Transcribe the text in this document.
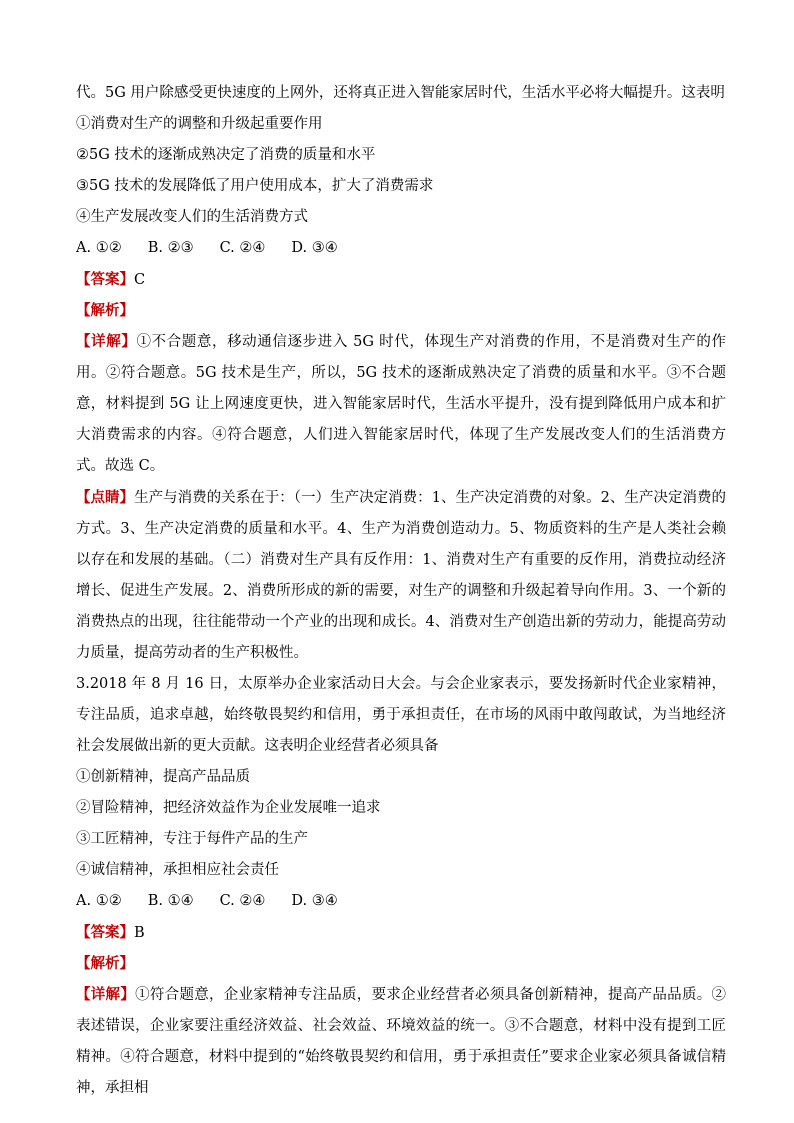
代。5G 用户除感受更快速度的上网外，还将真正进入智能家居时代，生活水平必将大幅提升。这表明
①消费对生产的调整和升级起重要作用
②5G 技术的逐渐成熟决定了消费的质量和水平
③5G 技术的发展降低了用户使用成本，扩大了消费需求
④生产发展改变人们的生活消费方式
A. ①② B. ②③ C. ②④ D. ③④
【答案】C
【解析】
【详解】①不合题意，移动通信逐步进入 5G 时代，体现生产对消费的作用，不是消费对生产的作用。②符合题意。5G 技术是生产，所以，5G 技术的逐渐成熟决定了消费的质量和水平。③不合题意，材料提到 5G 让上网速度更快，进入智能家居时代，生活水平提升，没有提到降低用户成本和扩大消费需求的内容。④符合题意，人们进入智能家居时代，体现了生产发展改变人们的生活消费方式。故选 C。
【点睛】生产与消费的关系在于：（一）生产决定消费：1、生产决定消费的对象。2、生产决定消费的方式。3、生产决定消费的质量和水平。4、生产为消费创造动力。5、物质资料的生产是人类社会赖以存在和发展的基础。（二）消费对生产具有反作用：1、消费对生产有重要的反作用，消费拉动经济增长、促进生产发展。2、消费所形成的新的需要，对生产的调整和升级起着导向作用。3、一个新的消费热点的出现，往往能带动一个产业的出现和成长。4、消费对生产创造出新的劳动力，能提高劳动力质量，提高劳动者的生产积极性。
3.2018 年 8 月 16 日，太原举办企业家活动日大会。与会企业家表示，要发扬新时代企业家精神，专注品质，追求卓越，始终敬畏契约和信用，勇于承担责任，在市场的风雨中敢闯敢试，为当地经济社会发展做出新的更大贡献。这表明企业经营者必须具备
①创新精神，提高产品品质
②冒险精神，把经济效益作为企业发展唯一追求
③工匠精神，专注于每件产品的生产
④诚信精神，承担相应社会责任
A. ①② B. ①④ C. ②④ D. ③④
【答案】B
【解析】
【详解】①符合题意，企业家精神专注品质，要求企业经营者必须具备创新精神，提高产品品质。②表述错误，企业家要注重经济效益、社会效益、环境效益的统一。③不合题意，材料中没有提到工匠精神。④符合题意，材料中提到的“始终敬畏契约和信用，勇于承担责任”要求企业家必须具备诚信精神，承担相
